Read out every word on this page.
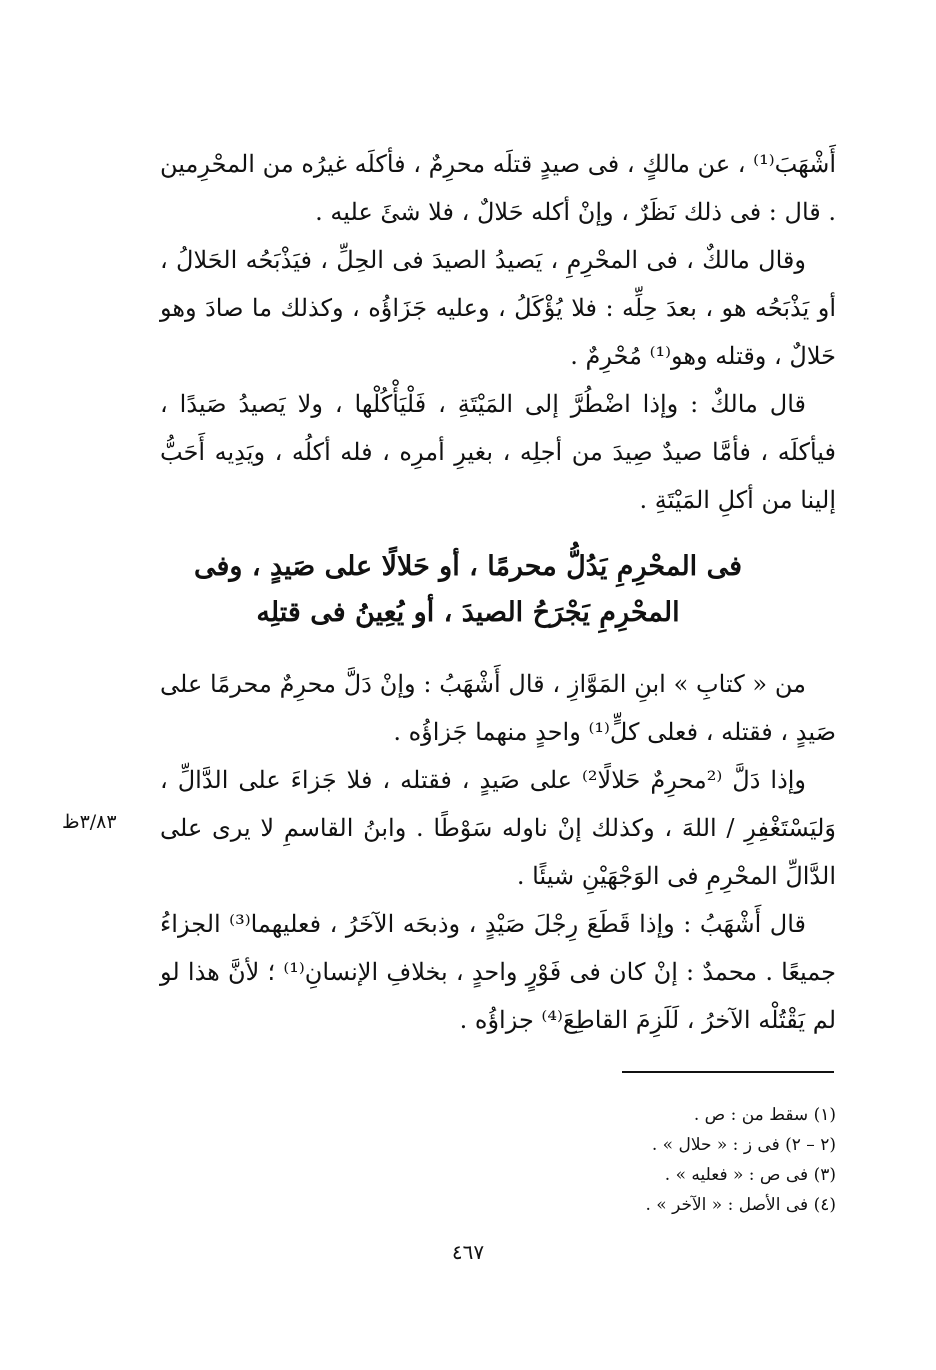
أَشْهَبَ⁽¹⁾ ، عن مالكٍ ، فى صيدٍ قتلَه محرِمٌ ، فأكلَه غيرُه من المحْرِمين . قال : فى ذلك نَظَرٌ ، وإنْ أكله حَلالٌ ، فلا شئَ عليه .

وقال مالكٌ ، فى المحْرِمِ ، يَصيدُ الصيدَ فى الحِلِّ ، فيَذْبَحُه الحَلالُ ، أو يَذْبَحُه هو ، بعدَ حِلِّه : فلا يُؤْكَلُ ، وعليه جَزَاؤُه ، وكذلك ما صادَ وهو حَلالٌ ، وقتله وهو⁽¹⁾ مُحْرِمٌ .

قال مالكٌ : وإذا اضْطُرَّ إلى المَيْتَةِ ، فَلْيَأْكُلْها ، ولا يَصيدُ صَيدًا ، فيأكلَه ، فأمَّا صيدٌ صِيدَ من أجلِه ، بغيرِ أمرِه ، فله أكلُه ، ويَدِيه أَحَبُّ إلينا من أكلِ المَيْتَةِ .

فى المحْرِمِ يَدُلُّ محرمًا ، أو حَلالًا على صَيدٍ ، وفى
المحْرِمِ يَجْرَحُ الصيدَ ، أو يُعِينُ فى قتلِه

من « كتابِ » ابنِ المَوَّازِ ، قال أَشْهَبُ : وإنْ دَلَّ محرِمٌ محرمًا على صَيدٍ ، فقتله ، فعلى كلٍّ⁽¹⁾ واحدٍ منهما جَزاؤُه .

وإذا دَلَّ ⁽²محرِمٌ حَلالًا²⁾ على صَيدٍ ، فقتله ، فلا جَزاءَ على الدَّالِّ ، وَليَسْتَغْفِرِ / اللهَ ، وكذلك إنْ ناوله سَوْطًا . وابنُ القاسمِ لا يرى على الدَّالِّ المحْرِمِ فى الوَجْهَيْنِ شيئًا .

قال أَشْهَبُ : وإذا قَطَعَ رِجْلَ صَيْدٍ ، وذبحَه الآخَرُ ، فعليهما⁽³⁾ الجزاءُ جميعًا . محمدٌ : إنْ كان فى فَوْرٍ واحدٍ ، بخلافِ الإنسانِ⁽¹⁾ ؛ لأنَّ هذا لو لم يَقْتُلْه الآخرُ ، لَلَزِمَ القاطِعَ⁽⁴⁾ جزاؤُه .

٣/٨٣ظ

(١) سقط من : ص .

(٢ – ٢) فى ز : « حلال » .

(٣) فى ص : « فعليه » .

(٤) فى الأصل : « الآخر » .

٤٦٧
